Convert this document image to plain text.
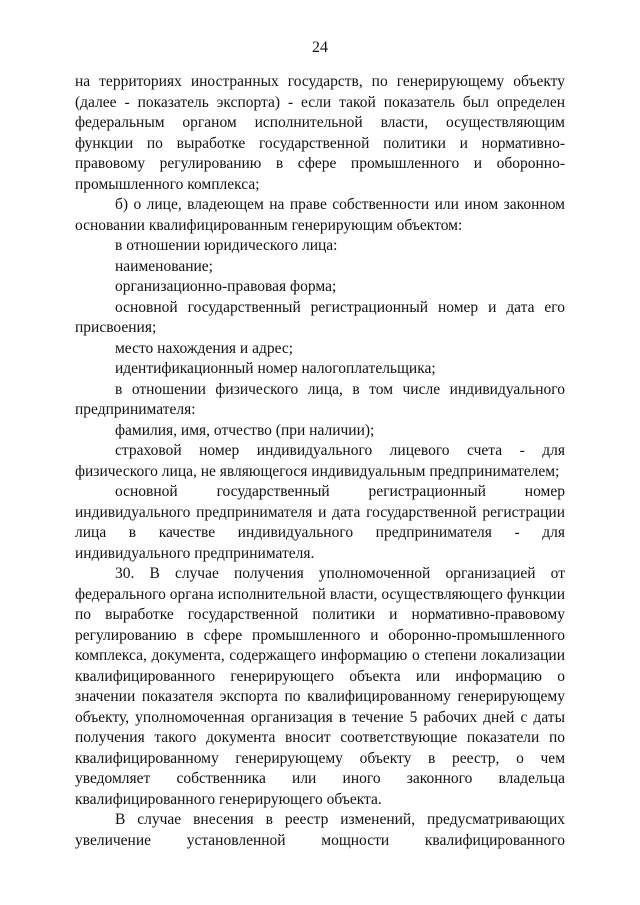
24

на территориях иностранных государств, по генерирующему объекту (далее - показатель экспорта) - если такой показатель был определен федеральным органом исполнительной власти, осуществляющим функции по выработке государственной политики и нормативно-правовому регулированию в сфере промышленного и оборонно-промышленного комплекса;

б) о лице, владеющем на праве собственности или ином законном основании квалифицированным генерирующим объектом:

в отношении юридического лица:

наименование;

организационно-правовая форма;

основной государственный регистрационный номер и дата его присвоения;

место нахождения и адрес;

идентификационный номер налогоплательщика;

в отношении физического лица, в том числе индивидуального предпринимателя:

фамилия, имя, отчество (при наличии);

страховой номер индивидуального лицевого счета - для физического лица, не являющегося индивидуальным предпринимателем;

основной государственный регистрационный номер индивидуального предпринимателя и дата государственной регистрации лица в качестве индивидуального предпринимателя - для индивидуального предпринимателя.

30. В случае получения уполномоченной организацией от федерального органа исполнительной власти, осуществляющего функции по выработке государственной политики и нормативно-правовому регулированию в сфере промышленного и оборонно-промышленного комплекса, документа, содержащего информацию о степени локализации квалифицированного генерирующего объекта или информацию о значении показателя экспорта по квалифицированному генерирующему объекту, уполномоченная организация в течение 5 рабочих дней с даты получения такого документа вносит соответствующие показатели по квалифицированному генерирующему объекту в реестр, о чем уведомляет собственника или иного законного владельца квалифицированного генерирующего объекта.

В случае внесения в реестр изменений, предусматривающих увеличение установленной мощности квалифицированного
